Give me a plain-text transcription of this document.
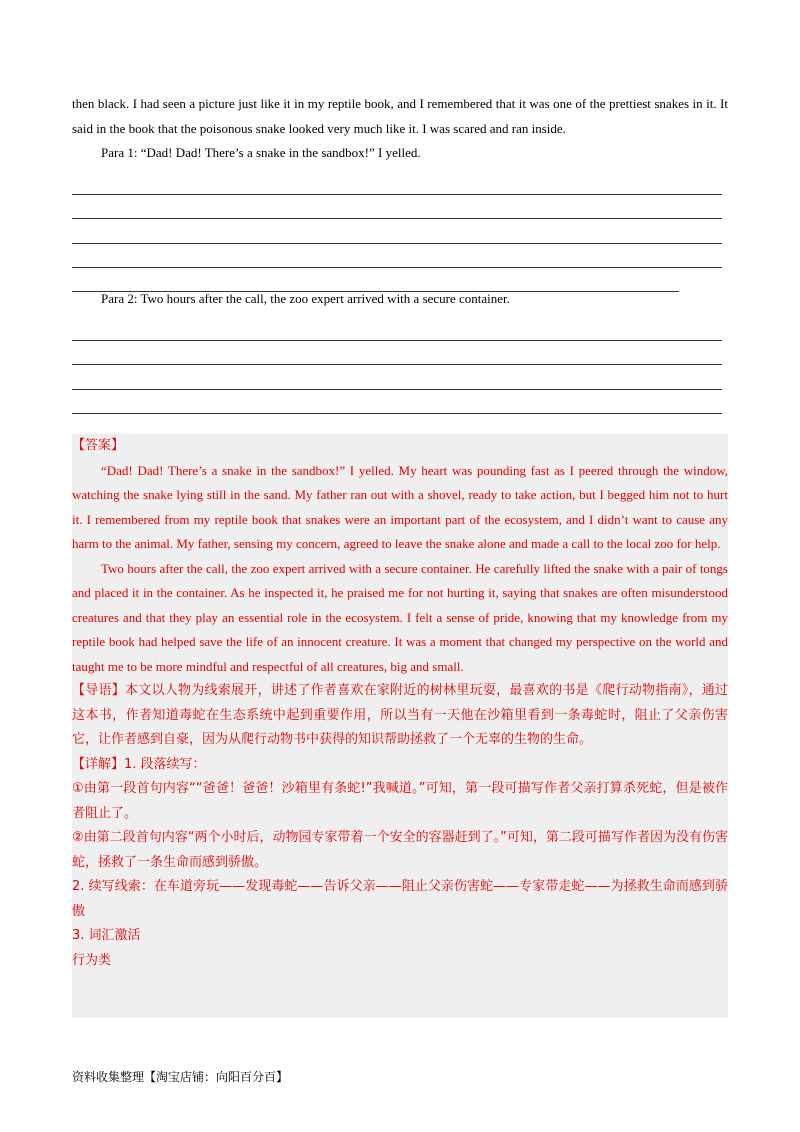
then black. I had seen a picture just like it in my reptile book, and I remembered that it was one of the prettiest snakes in it. It said in the book that the poisonous snake looked very much like it. I was scared and ran inside.

Para 1: “Dad! Dad! There’s a snake in the sandbox!” I yelled.

Para 2: Two hours after the call, the zoo expert arrived with a secure container.

【答案】

“Dad! Dad! There’s a snake in the sandbox!” I yelled. My heart was pounding fast as I peered through the window, watching the snake lying still in the sand. My father ran out with a shovel, ready to take action, but I begged him not to hurt it. I remembered from my reptile book that snakes were an important part of the ecosystem, and I didn’t want to cause any harm to the animal. My father, sensing my concern, agreed to leave the snake alone and made a call to the local zoo for help.

Two hours after the call, the zoo expert arrived with a secure container. He carefully lifted the snake with a pair of tongs and placed it in the container. As he inspected it, he praised me for not hurting it, saying that snakes are often misunderstood creatures and that they play an essential role in the ecosystem. I felt a sense of pride, knowing that my knowledge from my reptile book had helped save the life of an innocent creature. It was a moment that changed my perspective on the world and taught me to be more mindful and respectful of all creatures, big and small.

【导语】本文以人物为线索展开，讲述了作者喜欢在家附近的树林里玩耍，最喜欢的书是《爬行动物指南》，通过这本书，作者知道毒蛇在生态系统中起到重要作用，所以当有一天他在沙箱里看到一条毒蛇时，阻止了父亲伤害它，让作者感到自豪，因为从爬行动物书中获得的知识帮助拯救了一个无辜的生物的生命。

【详解】1. 段落续写：

①由第一段首句内容““爸爸！爸爸！沙箱里有条蛇!”我喊道。”可知，第一段可描写作者父亲打算杀死蛇，但是被作者阻止了。

②由第二段首句内容“两个小时后，动物园专家带着一个安全的容器赶到了。”可知，第二段可描写作者因为没有伤害蛇，拯救了一条生命而感到骄傲。

2. 续写线索：在车道旁玩——发现毒蛇——告诉父亲——阻止父亲伤害蛇——专家带走蛇——为拯救生命而感到骄傲

3. 词汇激活

行为类

资料收集整理【淘宝店铺：向阳百分百】
